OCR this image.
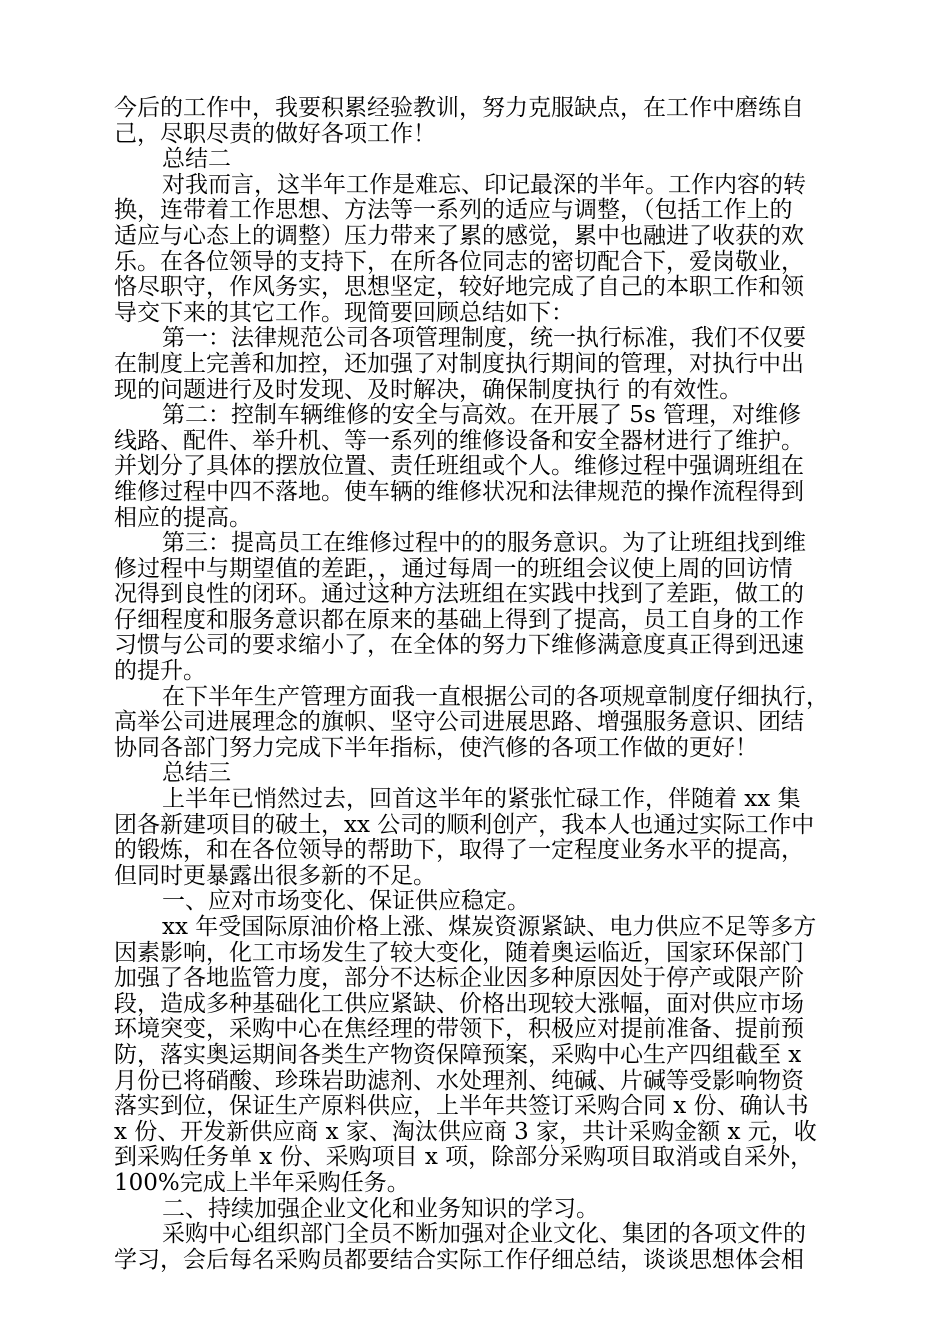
今后的工作中，我要积累经验教训，努力克服缺点，在工作中磨练自
己，尽职尽责的做好各项工作！
总结二
对我而言，这半年工作是难忘、印记最深的半年。工作内容的转
换，连带着工作思想、方法等一系列的适应与调整，（包括工作上的
适应与心态上的调整）压力带来了累的感觉，累中也融进了收获的欢
乐。在各位领导的支持下，在所各位同志的密切配合下，爱岗敬业，
恪尽职守，作风务实，思想坚定，较好地完成了自己的本职工作和领
导交下来的其它工作。现简要回顾总结如下：
第一：法律规范公司各项管理制度，统一执行标准，我们不仅要
在制度上完善和加控，还加强了对制度执行期间的管理，对执行中出
现的问题进行及时发现、及时解决，确保制度执行 的有效性。
第二：控制车辆维修的安全与高效。在开展了 5s 管理，对维修
线路、配件、举升机、等一系列的维修设备和安全器材进行了维护。
并划分了具体的摆放位置、责任班组或个人。维修过程中强调班组在
维修过程中四不落地。使车辆的维修状况和法律规范的操作流程得到
相应的提高。
第三：提高员工在维修过程中的的服务意识。为了让班组找到维
修过程中与期望值的差距，，通过每周一的班组会议使上周的回访情
况得到良性的闭环。通过这种方法班组在实践中找到了差距，做工的
仔细程度和服务意识都在原来的基础上得到了提高，员工自身的工作
习惯与公司的要求缩小了，在全体的努力下维修满意度真正得到迅速
的提升。
在下半年生产管理方面我一直根据公司的各项规章制度仔细执行，
高举公司进展理念的旗帜、坚守公司进展思路、增强服务意识、团结
协同各部门努力完成下半年指标，使汽修的各项工作做的更好！
总结三
上半年已悄然过去，回首这半年的紧张忙碌工作，伴随着 xx 集
团各新建项目的破土，xx 公司的顺利创产，我本人也通过实际工作中
的锻炼，和在各位领导的帮助下，取得了一定程度业务水平的提高，
但同时更暴露出很多新的不足。
一、应对市场变化、保证供应稳定。
xx 年受国际原油价格上涨、煤炭资源紧缺、电力供应不足等多方
因素影响，化工市场发生了较大变化，随着奥运临近，国家环保部门
加强了各地监管力度，部分不达标企业因多种原因处于停产或限产阶
段，造成多种基础化工供应紧缺、价格出现较大涨幅，面对供应市场
环境突变，采购中心在焦经理的带领下，积极应对提前准备、提前预
防，落实奥运期间各类生产物资保障预案，采购中心生产四组截至 x
月份已将硝酸、珍珠岩助滤剂、水处理剂、纯碱、片碱等受影响物资
落实到位，保证生产原料供应，上半年共签订采购合同 x 份、确认书
x 份、开发新供应商 x 家、淘汰供应商 3 家，共计采购金额 x 元，收
到采购任务单 x 份、采购项目 x 项，除部分采购项目取消或自采外，
100%完成上半年采购任务。
二、持续加强企业文化和业务知识的学习。
采购中心组织部门全员不断加强对企业文化、集团的各项文件的
学习，会后每名采购员都要结合实际工作仔细总结，谈谈思想体会相
